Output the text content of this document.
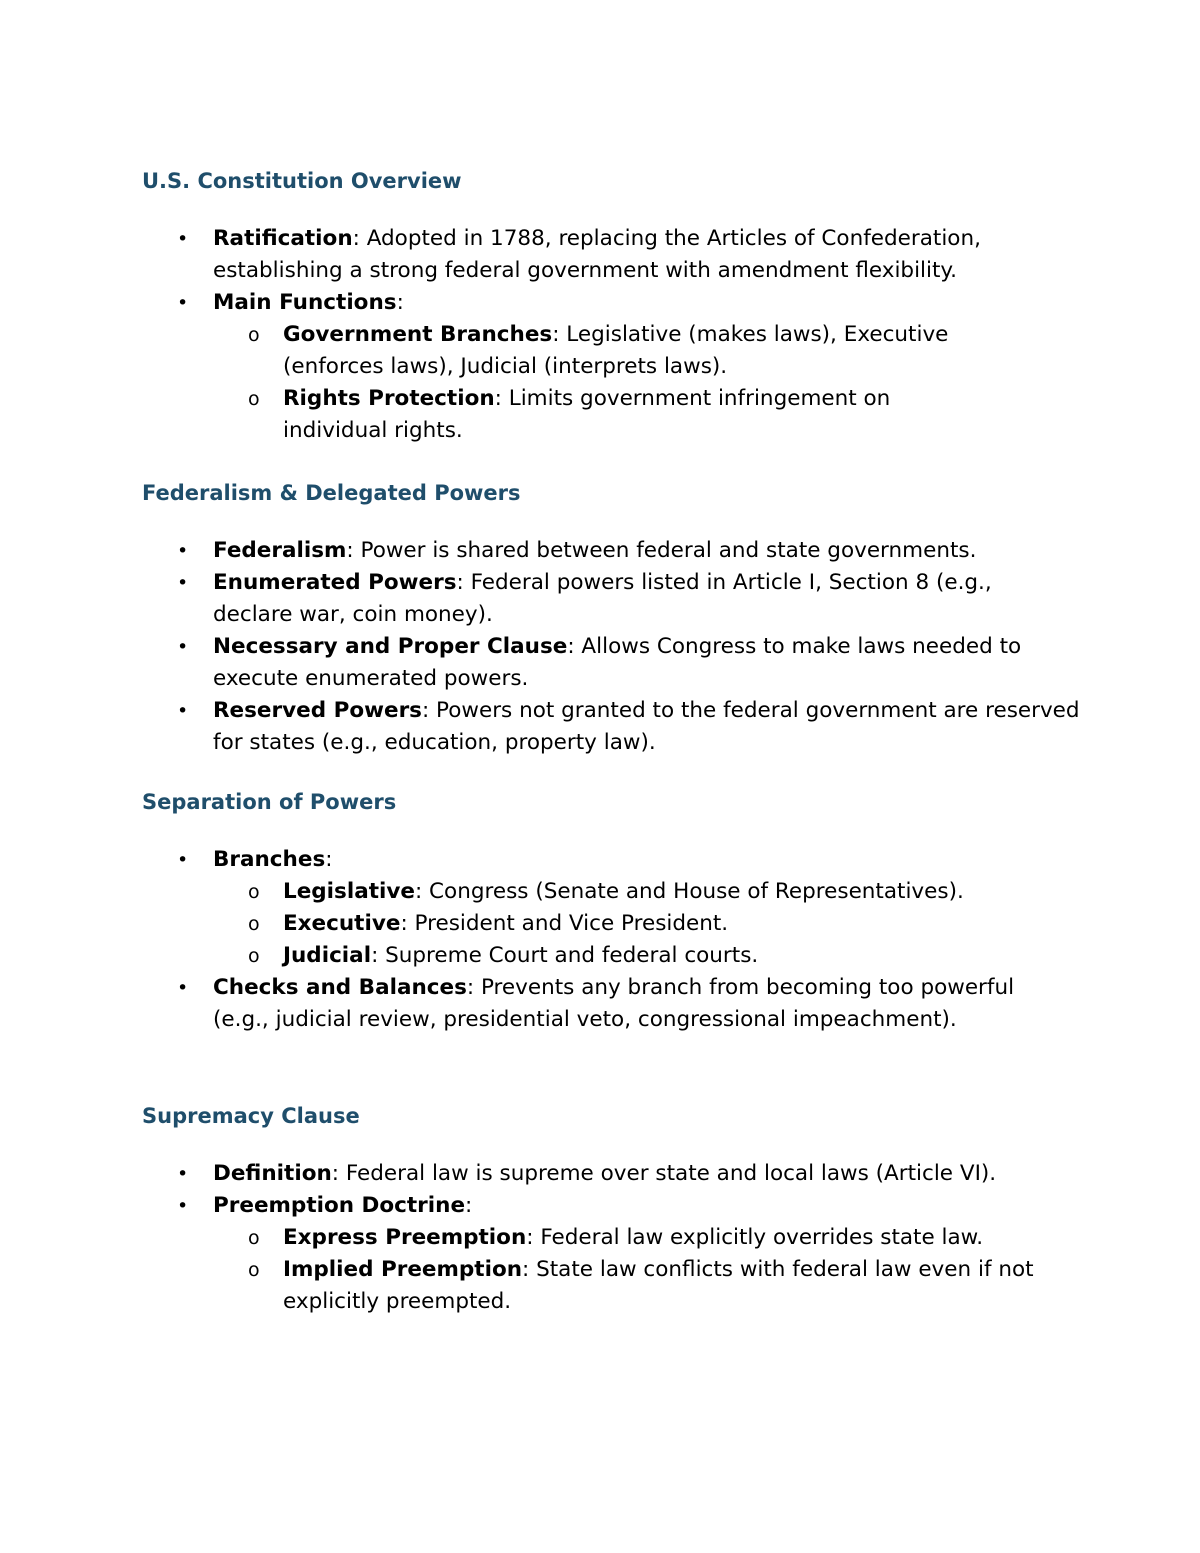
U.S. Constitution Overview
• Ratification: Adopted in 1788, replacing the Articles of Confederation, establishing a strong federal government with amendment flexibility.
• Main Functions:
o Government Branches: Legislative (makes laws), Executive (enforces laws), Judicial (interprets laws).
o Rights Protection: Limits government infringement on individual rights.
Federalism & Delegated Powers
• Federalism: Power is shared between federal and state governments.
• Enumerated Powers: Federal powers listed in Article I, Section 8 (e.g., declare war, coin money).
• Necessary and Proper Clause: Allows Congress to make laws needed to execute enumerated powers.
• Reserved Powers: Powers not granted to the federal government are reserved for states (e.g., education, property law).
Separation of Powers
• Branches:
o Legislative: Congress (Senate and House of Representatives).
o Executive: President and Vice President.
o Judicial: Supreme Court and federal courts.
• Checks and Balances: Prevents any branch from becoming too powerful (e.g., judicial review, presidential veto, congressional impeachment).
Supremacy Clause
• Definition: Federal law is supreme over state and local laws (Article VI).
• Preemption Doctrine:
o Express Preemption: Federal law explicitly overrides state law.
o Implied Preemption: State law conflicts with federal law even if not explicitly preempted.
